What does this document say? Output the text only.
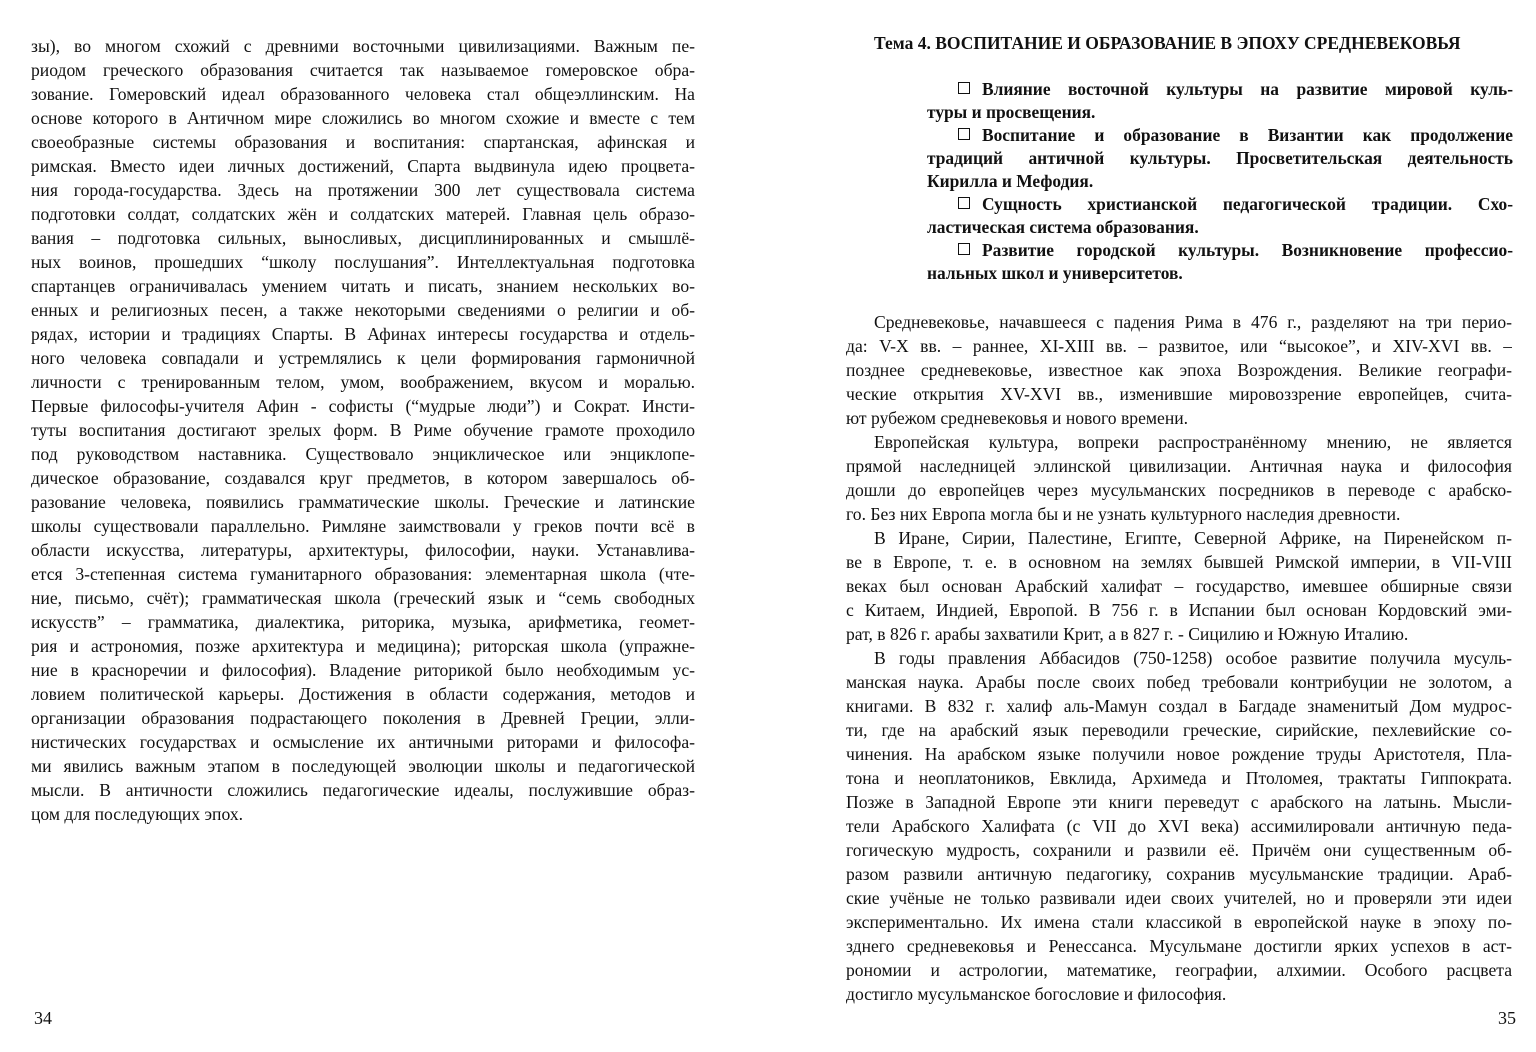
зы), во многом схожий с древними восточными цивилизациями. Важным пе-
риодом греческого образования считается так называемое гомеровское обра-
зование. Гомеровский идеал образованного человека стал общеэллинским. На
основе которого в Античном мире сложились во многом схожие и вместе с тем
своеобразные системы образования и воспитания: спартанская, афинская и
римская. Вместо идеи личных достижений, Спарта выдвинула идею процвета-
ния города-государства. Здесь на протяжении 300 лет существовала система
подготовки солдат, солдатских жён и солдатских матерей. Главная цель образо-
вания – подготовка сильных, выносливых, дисциплинированных и смышлё-
ных воинов, прошедших “школу послушания”. Интеллектуальная подготовка
спартанцев ограничивалась умением читать и писать, знанием нескольких во-
енных и религиозных песен, а также некоторыми сведениями о религии и об-
рядах, истории и традициях Спарты. В Афинах интересы государства и отдель-
ного человека совпадали и устремлялись к цели формирования гармоничной
личности с тренированным телом, умом, воображением, вкусом и моралью.
Первые философы-учителя Афин - софисты (“мудрые люди”) и Сократ. Инсти-
туты воспитания достигают зрелых форм. В Риме обучение грамоте проходило
под руководством наставника. Существовало энциклическое или энциклопе-
дическое образование, создавался круг предметов, в котором завершалось об-
разование человека, появились грамматические школы. Греческие и латинские
школы существовали параллельно. Римляне заимствовали у греков почти всё в
области искусства, литературы, архитектуры, философии, науки. Устанавлива-
ется 3-степенная система гуманитарного образования: элементарная школа (чте-
ние, письмо, счёт); грамматическая школа (греческий язык и “семь свободных
искусств” – грамматика, диалектика, риторика, музыка, арифметика, геомет-
рия и астрономия, позже архитектура и медицина); риторская школа (упражне-
ние в красноречии и философия). Владение риторикой было необходимым ус-
ловием политической карьеры. Достижения в области содержания, методов и
организации образования подрастающего поколения в Древней Греции, элли-
нистических государствах и осмысление их античными риторами и философа-
ми явились важным этапом в последующей эволюции школы и педагогической
мысли. В античности сложились педагогические идеалы, послужившие образ-
цом для последующих эпох.
34
Тема 4. ВОСПИТАНИЕ И ОБРАЗОВАНИЕ В ЭПОХУ СРЕДНЕВЕКОВЬЯ
Влияние восточной культуры на развитие мировой куль-
туры и просвещения.
Воспитание и образование в Византии как продолжение
традиций античной культуры. Просветительская деятельность
Кирилла и Мефодия.
Сущность христианской педагогической традиции. Схо-
ластическая система образования.
Развитие городской культуры. Возникновение профессио-
нальных школ и университетов.
Средневековье, начавшееся с падения Рима в 476 г., разделяют на три перио-
да: V-X вв. – раннее, XI-XIII вв. – развитое, или “высокое”, и XIV-XVI вв. –
позднее средневековье, известное как эпоха Возрождения. Великие географи-
ческие открытия XV-XVI вв., изменившие мировоззрение европейцев, счита-
ют рубежом средневековья и нового времени.
Европейская культура, вопреки распространённому мнению, не является
прямой наследницей эллинской цивилизации. Античная наука и философия
дошли до европейцев через мусульманских посредников в переводе с арабско-
го. Без них Европа могла бы и не узнать культурного наследия древности.
В Иране, Сирии, Палестине, Египте, Северной Африке, на Пиренейском п-
ве в Европе, т. е. в основном на землях бывшей Римской империи, в VII-VIII
веках был основан Арабский халифат – государство, имевшее обширные связи
с Китаем, Индией, Европой. В 756 г. в Испании был основан Кордовский эми-
рат, в 826 г. арабы захватили Крит, а в 827 г. - Сицилию и Южную Италию.
В годы правления Аббасидов (750-1258) особое развитие получила мусуль-
манская наука. Арабы после своих побед требовали контрибуции не золотом, а
книгами. В 832 г. халиф аль-Мамун создал в Багдаде знаменитый Дом мудрос-
ти, где на арабский язык переводили греческие, сирийские, пехлевийские со-
чинения. На арабском языке получили новое рождение труды Аристотеля, Пла-
тона и неоплатоников, Евклида, Архимеда и Птоломея, трактаты Гиппократа.
Позже в Западной Европе эти книги переведут с арабского на латынь. Мысли-
тели Арабского Халифата (с VII до XVI века) ассимилировали античную педа-
гогическую мудрость, сохранили и развили её. Причём они существенным об-
разом развили античную педагогику, сохранив мусульманские традиции. Араб-
ские учёные не только развивали идеи своих учителей, но и проверяли эти идеи
экспериментально. Их имена стали классикой в европейской науке в эпоху по-
зднего средневековья и Ренессанса. Мусульмане достигли ярких успехов в аст-
рономии и астрологии, математике, географии, алхимии. Особого расцвета
достигло мусульманское богословие и философия.
35
